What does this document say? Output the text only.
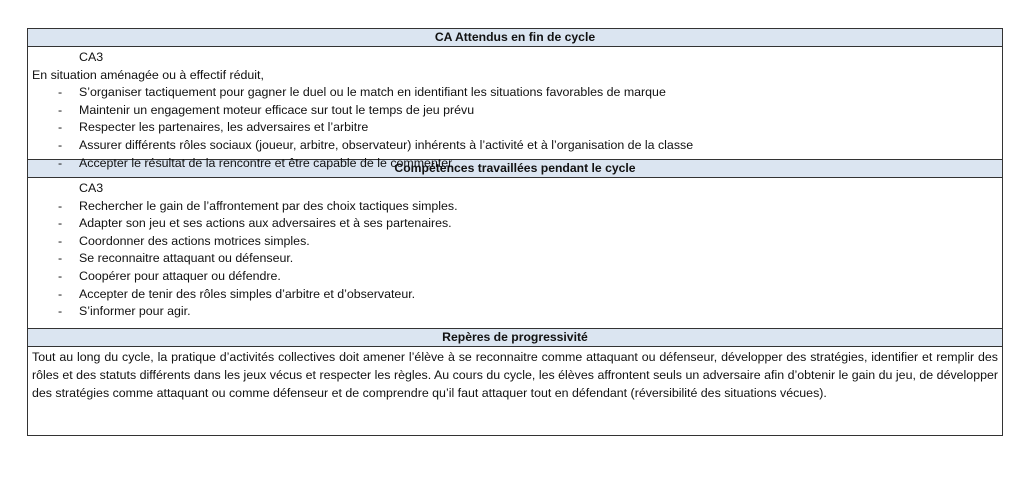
CA Attendus en fin de cycle
CA3
En situation aménagée ou à effectif réduit,
- S’organiser tactiquement pour gagner le duel ou le match en identifiant les situations favorables de marque
- Maintenir un engagement moteur efficace sur tout le temps de jeu prévu
- Respecter les partenaires, les adversaires et l’arbitre
- Assurer différents rôles sociaux (joueur, arbitre, observateur) inhérents à l’activité et à l’organisation de la classe
- Accepter le résultat de la rencontre et être capable de le commenter
Compétences travaillées pendant le cycle
CA3
- Rechercher le gain de l’affrontement par des choix tactiques simples.
- Adapter son jeu et ses actions aux adversaires et à ses partenaires.
- Coordonner des actions motrices simples.
- Se reconnaitre attaquant ou défenseur.
- Coopérer pour attaquer ou défendre.
- Accepter de tenir des rôles simples d’arbitre et d’observateur.
- S’informer pour agir.
Repères de progressivité
Tout au long du cycle, la pratique d’activités collectives doit amener l’élève à se reconnaitre comme attaquant ou défenseur, développer des stratégies, identifier et remplir des rôles et des statuts différents dans les jeux vécus et respecter les règles. Au cours du cycle, les élèves affrontent seuls un adversaire afin d’obtenir le gain du jeu, de développer des stratégies comme attaquant ou comme défenseur et de comprendre qu’il faut attaquer tout en défendant (réversibilité des situations vécues).
